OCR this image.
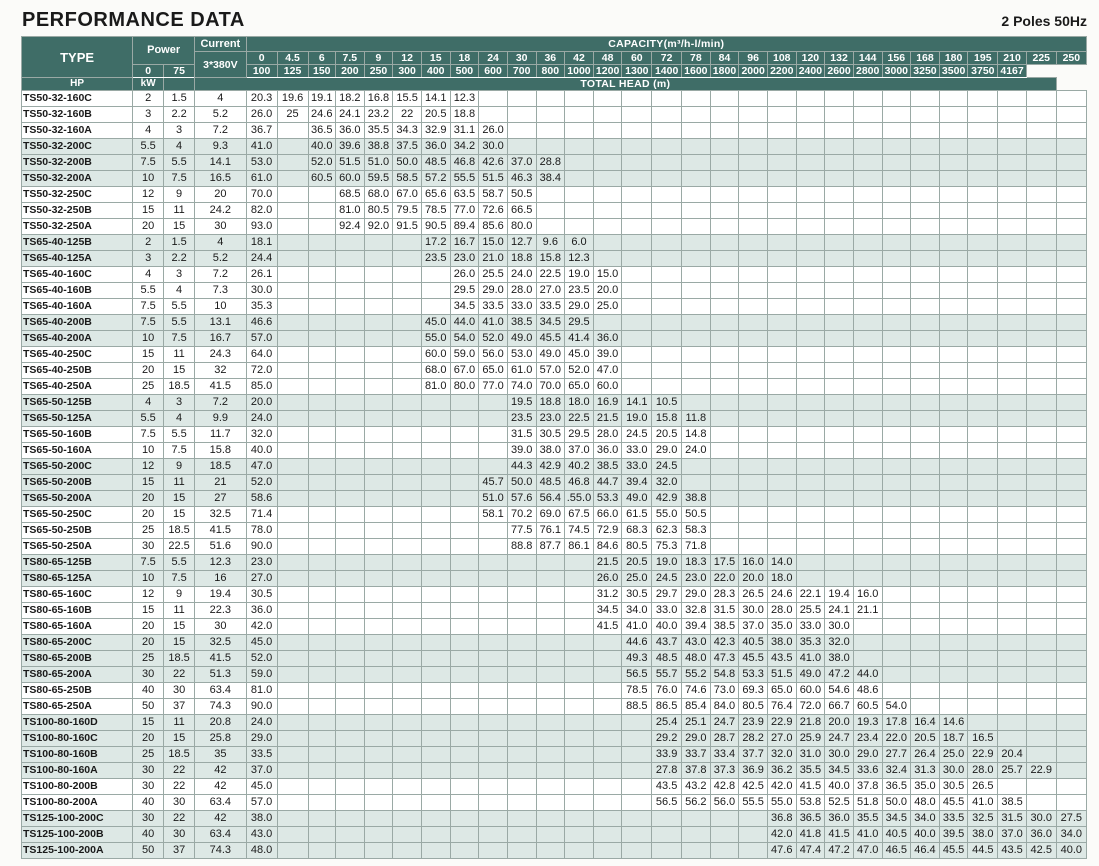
PERFORMANCE DATA	2 Poles 50Hz
TYPE	Power		Current	CAPACITY(m³/h-l/min)																												
			3*380V	0	4.5	6	7.5	9	12	15	18	24	30	36	42	48	60	72	78	84	96	108	120	132	144	156	168	180	195	210	225	250
	0	75		100	125	150	200	250	300	400	500	600	700	800	1000	1200	1300	1400	1600	1800	2000	2200	2400	2600	2800	3000	3250	3500	3750	4167		
HP	kW		TOTAL HEAD (m)																													
TS50-32-160C	2	1.5	4	20.3	19.6	19.1	18.2	16.8	15.5	14.1	12.3																					
TS50-32-160B	3	2.2	5.2	26.0	25	24.6	24.1	23.2	22	20.5	18.8																					
TS50-32-160A	4	3	7.2	36.7		36.5	36.0	35.5	34.3	32.9	31.1	26.0																				
TS50-32-200C	5.5	4	9.3	41.0		40.0	39.6	38.8	37.5	36.0	34.2	30.0																				
TS50-32-200B	7.5	5.5	14.1	53.0		52.0	51.5	51.0	50.0	48.5	46.8	42.6	37.0	28.8																		
TS50-32-200A	10	7.5	16.5	61.0		60.5	60.0	59.5	58.5	57.2	55.5	51.5	46.3	38.4																		
TS50-32-250C	12	9	20	70.0			68.5	68.0	67.0	65.6	63.5	58.7	50.5																			
TS50-32-250B	15	11	24.2	82.0			81.0	80.5	79.5	78.5	77.0	72.6	66.5																			
TS50-32-250A	20	15	30	93.0			92.4	92.0	91.5	90.5	89.4	85.6	80.0																			
TS65-40-125B	2	1.5	4	18.1						17.2	16.7	15.0	12.7	9.6	6.0																	
TS65-40-125A	3	2.2	5.2	24.4						23.5	23.0	21.0	18.8	15.8	12.3																	
TS65-40-160C	4	3	7.2	26.1							26.0	25.5	24.0	22.5	19.0	15.0																
TS65-40-160B	5.5	4	7.3	30.0							29.5	29.0	28.0	27.0	23.5	20.0																
TS65-40-160A	7.5	5.5	10	35.3							34.5	33.5	33.0	33.5	29.0	25.0																
TS65-40-200B	7.5	5.5	13.1	46.6						45.0	44.0	41.0	38.5	34.5	29.5																	
TS65-40-200A	10	7.5	16.7	57.0						55.0	54.0	52.0	49.0	45.5	41.4	36.0																
TS65-40-250C	15	11	24.3	64.0						60.0	59.0	56.0	53.0	49.0	45.0	39.0																
TS65-40-250B	20	15	32	72.0						68.0	67.0	65.0	61.0	57.0	52.0	47.0																
TS65-40-250A	25	18.5	41.5	85.0						81.0	80.0	77.0	74.0	70.0	65.0	60.0																
TS65-50-125B	4	3	7.2	20.0									19.5	18.8	18.0	16.9	14.1	10.5														
TS65-50-125A	5.5	4	9.9	24.0									23.5	23.0	22.5	21.5	19.0	15.8	11.8													
TS65-50-160B	7.5	5.5	11.7	32.0									31.5	30.5	29.5	28.0	24.5	20.5	14.8													
TS65-50-160A	10	7.5	15.8	40.0									39.0	38.0	37.0	36.0	33.0	29.0	24.0													
TS65-50-200C	12	9	18.5	47.0									44.3	42.9	40.2	38.5	33.0	24.5														
TS65-50-200B	15	11	21	52.0								45.7	50.0	48.5	46.8	44.7	39.4	32.0														
TS65-50-200A	20	15	27	58.6								51.0	57.6	56.4	.55.0	53.3	49.0	42.9	38.8													
TS65-50-250C	20	15	32.5	71.4								58.1	70.2	69.0	67.5	66.0	61.5	55.0	50.5													
TS65-50-250B	25	18.5	41.5	78.0									77.5	76.1	74.5	72.9	68.3	62.3	58.3													
TS65-50-250A	30	22.5	51.6	90.0									88.8	87.7	86.1	84.6	80.5	75.3	71.8													
TS80-65-125B	7.5	5.5	12.3	23.0												21.5	20.5	19.0	18.3	17.5	16.0	14.0										
TS80-65-125A	10	7.5	16	27.0												26.0	25.0	24.5	23.0	22.0	20.0	18.0										
TS80-65-160C	12	9	19.4	30.5												31.2	30.5	29.7	29.0	28.3	26.5	24.6	22.1	19.4	16.0							
TS80-65-160B	15	11	22.3	36.0												34.5	34.0	33.0	32.8	31.5	30.0	28.0	25.5	24.1	21.1							
TS80-65-160A	20	15	30	42.0												41.5	41.0	40.0	39.4	38.5	37.0	35.0	33.0	30.0								
TS80-65-200C	20	15	32.5	45.0													44.6	43.7	43.0	42.3	40.5	38.0	35.3	32.0								
TS80-65-200B	25	18.5	41.5	52.0													49.3	48.5	48.0	47.3	45.5	43.5	41.0	38.0								
TS80-65-200A	30	22	51.3	59.0													56.5	55.7	55.2	54.8	53.3	51.5	49.0	47.2	44.0							
TS80-65-250B	40	30	63.4	81.0													78.5	76.0	74.6	73.0	69.3	65.0	60.0	54.6	48.6							
TS80-65-250A	50	37	74.3	90.0													88.5	86.5	85.4	84.0	80.5	76.4	72.0	66.7	60.5	54.0						
TS100-80-160D	15	11	20.8	24.0														25.4	25.1	24.7	23.9	22.9	21.8	20.0	19.3	17.8	16.4	14.6				
TS100-80-160C	20	15	25.8	29.0														29.2	29.0	28.7	28.2	27.0	25.9	24.7	23.4	22.0	20.5	18.7	16.5			
TS100-80-160B	25	18.5	35	33.5														33.9	33.7	33.4	37.7	32.0	31.0	30.0	29.0	27.7	26.4	25.0	22.9	20.4		
TS100-80-160A	30	22	42	37.0														27.8	37.8	37.3	36.9	36.2	35.5	34.5	33.6	32.4	31.3	30.0	28.0	25.7	22.9	
TS100-80-200B	30	22	42	45.0														43.5	43.2	42.8	42.5	42.0	41.5	40.0	37.8	36.5	35.0	30.5	26.5			
TS100-80-200A	40	30	63.4	57.0														56.5	56.2	56.0	55.5	55.0	53.8	52.5	51.8	50.0	48.0	45.5	41.0	38.5		
TS125-100-200C	30	22	42	38.0																		36.8	36.5	36.0	35.5	34.5	34.0	33.5	32.5	31.5	30.0	27.5
TS125-100-200B	40	30	63.4	43.0																		42.0	41.8	41.5	41.0	40.5	40.0	39.5	38.0	37.0	36.0	34.0
TS125-100-200A	50	37	74.3	48.0																		47.6	47.4	47.2	47.0	46.5	46.4	45.5	44.5	43.5	42.5	40.0
